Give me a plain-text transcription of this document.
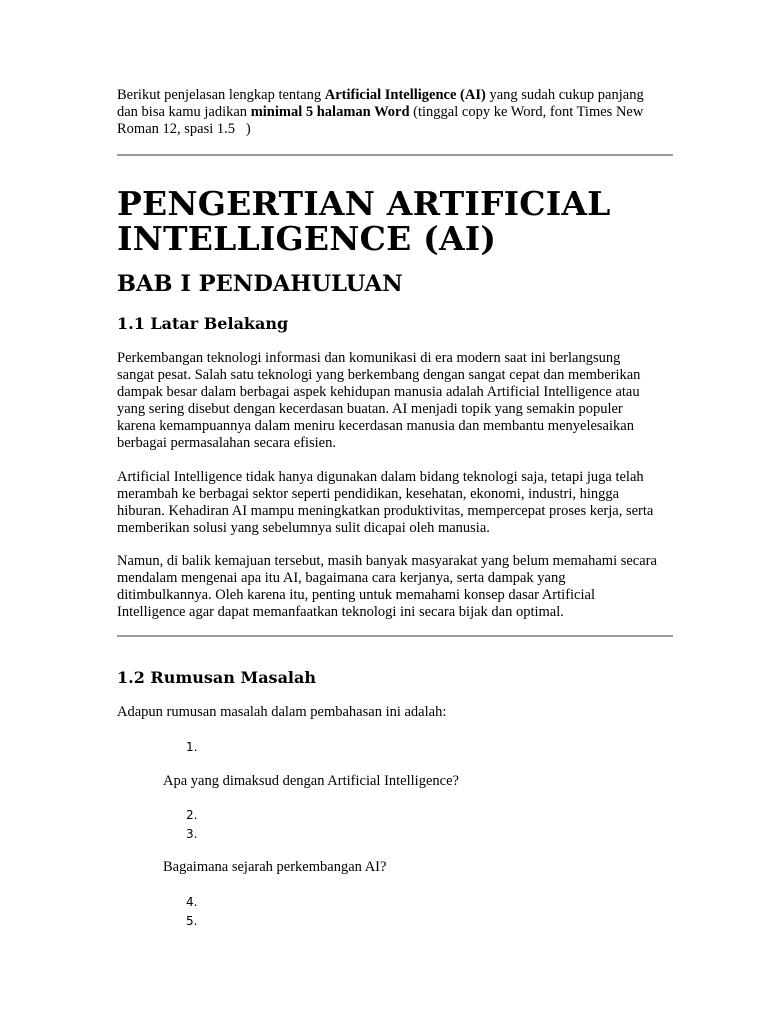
Berikut penjelasan lengkap tentang Artificial Intelligence (AI) yang sudah cukup panjang dan bisa kamu jadikan minimal 5 halaman Word (tinggal copy ke Word, font Times New Roman 12, spasi 1.5   )

PENGERTIAN ARTIFICIAL INTELLIGENCE (AI)
BAB I PENDAHULUAN
1.1 Latar Belakang

Perkembangan teknologi informasi dan komunikasi di era modern saat ini berlangsung sangat pesat. Salah satu teknologi yang berkembang dengan sangat cepat dan memberikan dampak besar dalam berbagai aspek kehidupan manusia adalah Artificial Intelligence atau yang sering disebut dengan kecerdasan buatan. AI menjadi topik yang semakin populer karena kemampuannya dalam meniru kecerdasan manusia dan membantu menyelesaikan berbagai permasalahan secara efisien.

Artificial Intelligence tidak hanya digunakan dalam bidang teknologi saja, tetapi juga telah merambah ke berbagai sektor seperti pendidikan, kesehatan, ekonomi, industri, hingga hiburan. Kehadiran AI mampu meningkatkan produktivitas, mempercepat proses kerja, serta memberikan solusi yang sebelumnya sulit dicapai oleh manusia.

Namun, di balik kemajuan tersebut, masih banyak masyarakat yang belum memahami secara mendalam mengenai apa itu AI, bagaimana cara kerjanya, serta dampak yang ditimbulkannya. Oleh karena itu, penting untuk memahami konsep dasar Artificial Intelligence agar dapat memanfaatkan teknologi ini secara bijak dan optimal.

1.2 Rumusan Masalah

Adapun rumusan masalah dalam pembahasan ini adalah:

1.

Apa yang dimaksud dengan Artificial Intelligence?

2.
3.

Bagaimana sejarah perkembangan AI?

4.
5.
